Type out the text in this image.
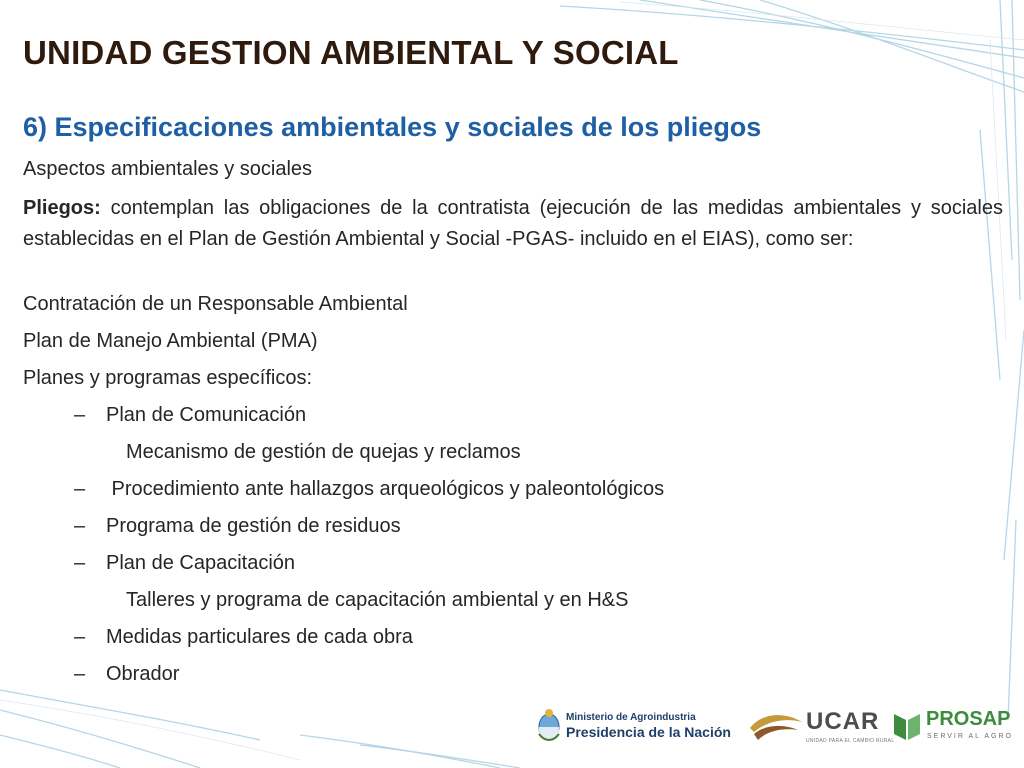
UNIDAD GESTION AMBIENTAL Y SOCIAL
6) Especificaciones ambientales y sociales de los pliegos
Aspectos ambientales y sociales
Pliegos: contemplan las obligaciones de la contratista (ejecución de las medidas ambientales y sociales establecidas en el Plan de Gestión Ambiental y Social -PGAS- incluido en el EIAS), como ser:
Contratación de un Responsable Ambiental
Plan de Manejo Ambiental (PMA)
Planes y programas específicos:
– Plan de Comunicación
Mecanismo de gestión de quejas y reclamos
– Procedimiento ante hallazgos arqueológicos y paleontológicos
– Programa de gestión de residuos
– Plan de Capacitación
Talleres y programa de capacitación ambiental y en H&S
– Medidas particulares de cada obra
– Obrador
Ministerio de Agroindustria
Presidencia de la Nación	UCAR
UNIDAD PARA EL CAMBIO RURAL
PROSAP
SERVIR AL AGRO
